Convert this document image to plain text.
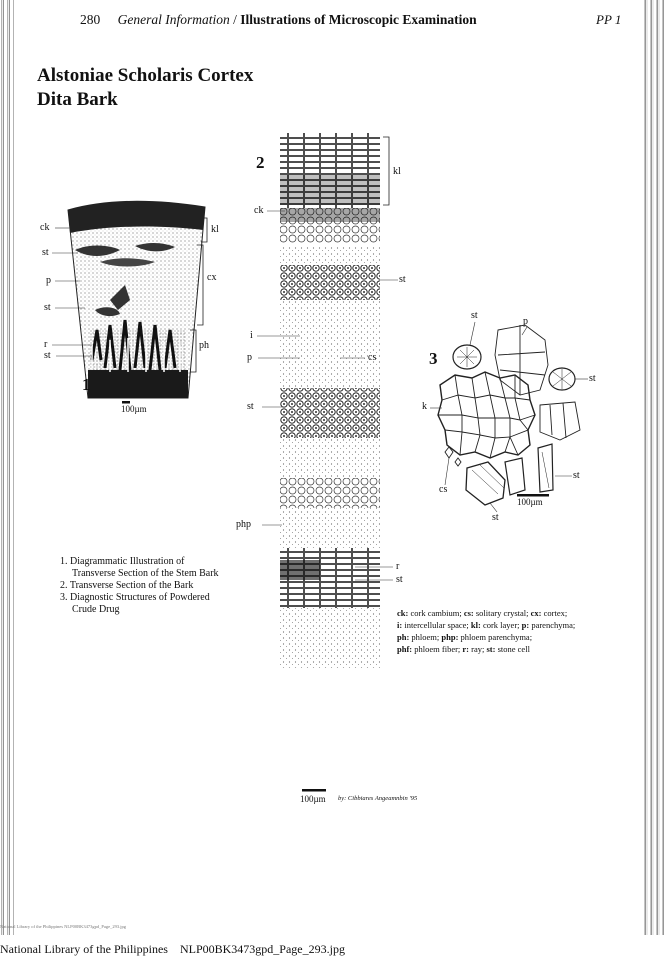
280 General Information / Illustrations of Microscopic Examination	PP 1
Alstoniae Scholaris Cortex
Dita Bark
ck
st
p
st
r
st
kl
cx
ph
1
100µm
2	kl
ck
st
i
p	cs
st
php
r
st
100µm
3
st
p
st
k
cs
st
st
100µm
1. Diagrammatic Illustration of
Transverse Section of the Stem Bark
2. Transverse Section of the Bark
3. Diagnostic Structures of Powdered
Crude Drug	ck: cork cambium; cs: solitary crystal; cx: cortex;
i: intercellular space; kl: cork layer; p: parenchyma;
ph: phloem; php: phloem parenchyma;
phf: phloem fiber; r: ray; st: stone cell
by: Cibbiares Angeamnbin '95
National Library of the Philippines NLP00BK3473gpd_Page_293.jpg
National Library of the Philippines NLP00BK3473gpd_Page_293.jpg
